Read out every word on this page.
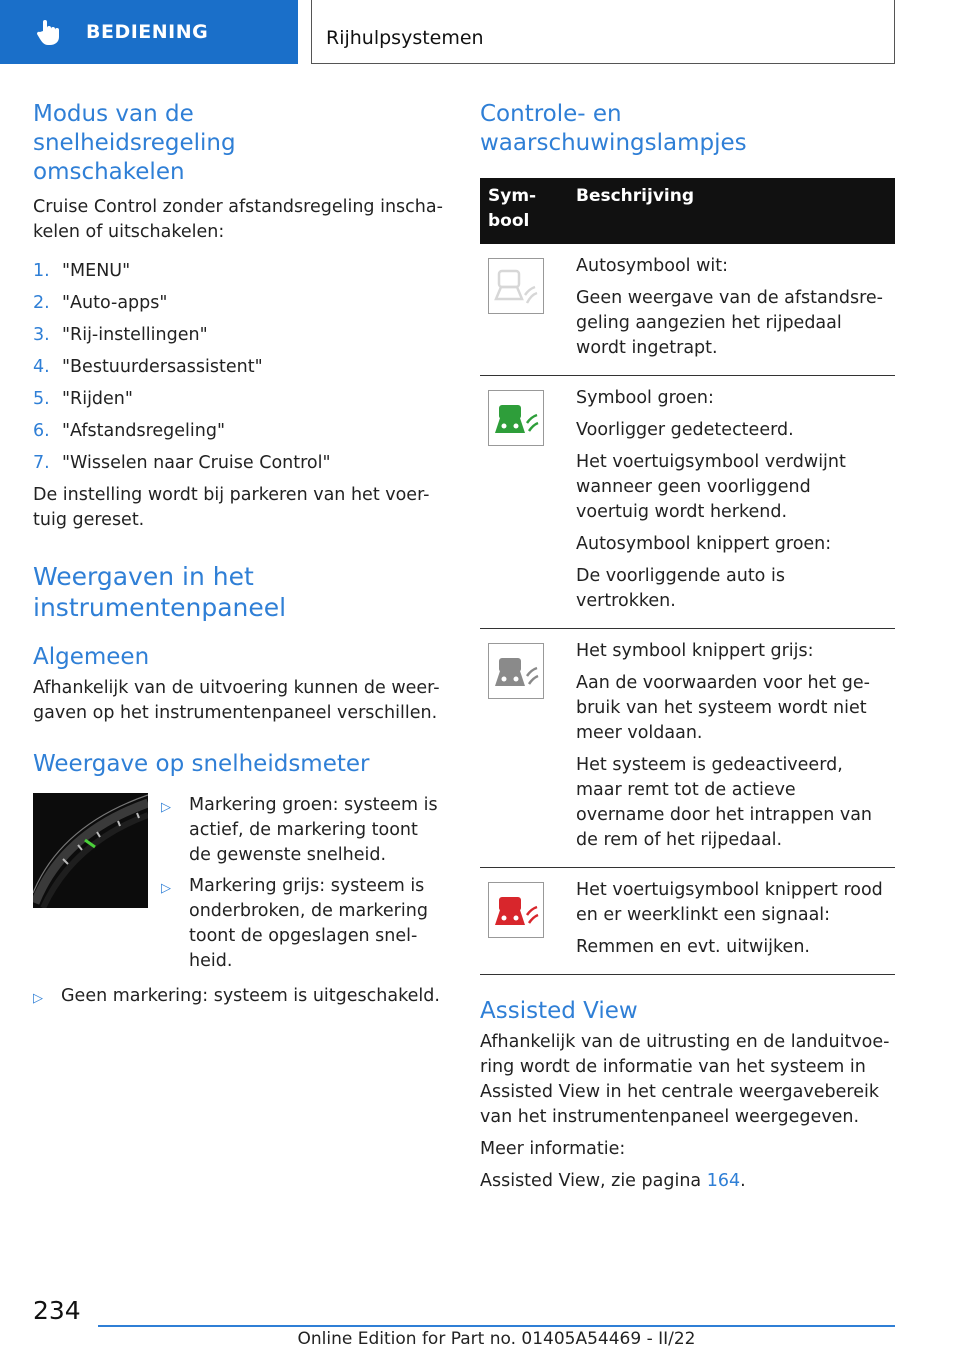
BEDIENING	Rijhulpsystemen
Modus van de snelheidsregeling omschakelen

Cruise Control zonder afstandsregeling inscha-kelen of uitschakelen:

1. "MENU"
2. "Auto-apps"
3. "Rij-instellingen"
4. "Bestuurdersassistent"
5. "Rijden"
6. "Afstandsregeling"
7. "Wisselen naar Cruise Control"

De instelling wordt bij parkeren van het voer-tuig gereset.

Weergaven in het instrumentenpaneel
Algemeen

Afhankelijk van de uitvoering kunnen de weer-gaven op het instrumentenpaneel verschillen.

Weergave op snelheidsmeter
▷	Markering groen: systeem is actief, de markering toont de gewenste snelheid.
▷	Markering grijs: systeem is onderbroken, de markering toont de opgeslagen snel-heid.
▷	Geen markering: systeem is uitgeschakeld.
Controle- en waarschuwingslampjes
Sym-bool	Beschrijving

Autosymbool wit:

Geen weergave van de afstandsre-geling aangezien het rijpedaal wordt ingetrapt.

Symbool groen:

Voorligger gedetecteerd.

Het voertuigsymbool verdwijnt wanneer geen voorliggend voertuig wordt herkend.

Autosymbool knippert groen:

De voorliggende auto is vertrokken.

Het symbool knippert grijs:

Aan de voorwaarden voor het ge-bruik van het systeem wordt niet meer voldaan.

Het systeem is gedeactiveerd, maar remt tot de actieve overname door het intrappen van de rem of het rijpedaal.

Het voertuigsymbool knippert rood en er weerklinkt een signaal:

Remmen en evt. uitwijken.

Assisted View

Afhankelijk van de uitrusting en de landuitvoe-ring wordt de informatie van het systeem in Assisted View in het centrale weergavebereik van het instrumentenpaneel weergegeven.

Meer informatie:

Assisted View, zie pagina 164.

234
Online Edition for Part no. 01405A54469 - II/22
